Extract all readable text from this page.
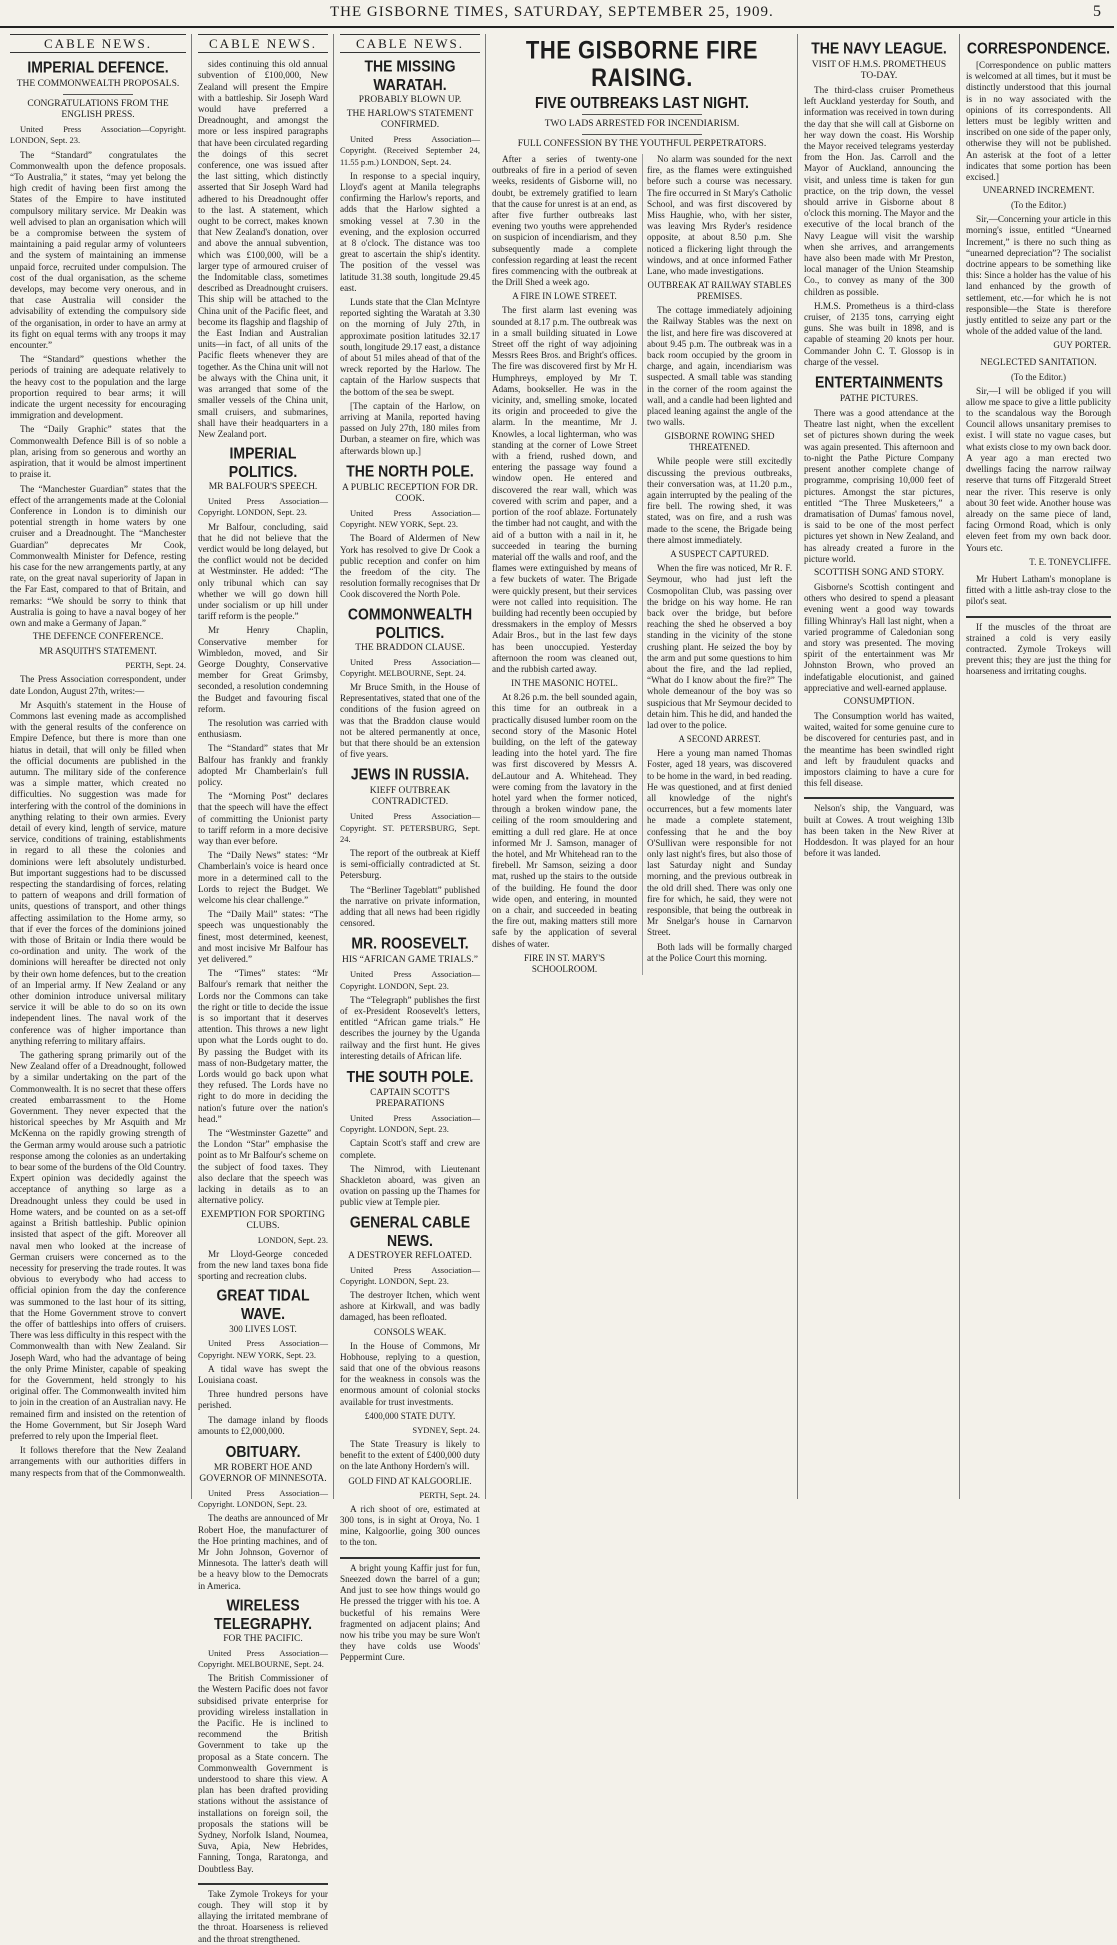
THE GISBORNE TIMES, SATURDAY, SEPTEMBER 25, 1909.	5
CABLE NEWS.
IMPERIAL DEFENCE.
THE COMMONWEALTH PROPOSALS.
CONGRATULATIONS FROM THE ENGLISH PRESS.

United Press Association—Copyright. LONDON, Sept. 23.

The “Standard” congratulates the Commonwealth upon the defence proposals. “To Australia,” it states, “may yet belong the high credit of having been first among the States of the Empire to have instituted compulsory military service. Mr Deakin was well advised to plan an organisation which will be a compromise between the system of maintaining a paid regular army of volunteers and the system of maintaining an immense unpaid force, recruited under compulsion. The cost of the dual organisation, as the scheme develops, may become very onerous, and in that case Australia will consider the advisability of extending the compulsory side of the organisation, in order to have an army at its fight on equal terms with any troops it may encounter.”

The “Standard” questions whether the periods of training are adequate relatively to the heavy cost to the population and the large proportion required to bear arms; it will indicate the urgent necessity for encouraging immigration and development.

The “Daily Graphic” states that the Commonwealth Defence Bill is of so noble a plan, arising from so generous and worthy an aspiration, that it would be almost impertinent to praise it.

The “Manchester Guardian” states that the effect of the arrangements made at the Colonial Conference in London is to diminish our potential strength in home waters by one cruiser and a Dreadnought. The “Manchester Guardian” deprecates Mr Cook, Commonwealth Minister for Defence, resting his case for the new arrangements partly, at any rate, on the great naval superiority of Japan in the Far East, compared to that of Britain, and remarks: “We should be sorry to think that Australia is going to have a naval bogey of her own and make a Germany of Japan.”

THE DEFENCE CONFERENCE.
MR ASQUITH'S STATEMENT.

PERTH, Sept. 24.

The Press Association correspondent, under date London, August 27th, writes:—

Mr Asquith's statement in the House of Commons last evening made as accomplished with the general results of the conference on Empire Defence, but there is more than one hiatus in detail, that will only be filled when the official documents are published in the autumn. The military side of the conference was a simple matter, which created no difficulties. No suggestion was made for interfering with the control of the dominions in anything relating to their own armies. Every detail of every kind, length of service, mature service, conditions of training, establishments in regard to all these the colonies and dominions were left absolutely undisturbed. But important suggestions had to be discussed respecting the standardising of forces, relating to pattern of weapons and drill formation of units, questions of transport, and other things affecting assimilation to the Home army, so that if ever the forces of the dominions joined with those of Britain or India there would be co-ordination and unity. The work of the dominions will hereafter be directed not only by their own home defences, but to the creation of an Imperial army. If New Zealand or any other dominion introduce universal military service it will be able to do so on its own independent lines. The naval work of the conference was of higher importance than anything referring to military affairs.

The gathering sprang primarily out of the New Zealand offer of a Dreadnought, followed by a similar undertaking on the part of the Commonwealth. It is no secret that these offers created embarrassment to the Home Government. They never expected that the historical speeches by Mr Asquith and Mr McKenna on the rapidly growing strength of the German army would arouse such a patriotic response among the colonies as an undertaking to bear some of the burdens of the Old Country. Expert opinion was decidedly against the acceptance of anything so large as a Dreadnought unless they could be used in Home waters, and be counted on as a set-off against a British battleship. Public opinion insisted that aspect of the gift. Moreover all naval men who looked at the increase of German cruisers were concerned as to the necessity for preserving the trade routes. It was obvious to everybody who had access to official opinion from the day the conference was summoned to the last hour of its sitting, that the Home Government strove to convert the offer of battleships into offers of cruisers. There was less difficulty in this respect with the Commonwealth than with New Zealand. Sir Joseph Ward, who had the advantage of being the only Prime Minister, capable of speaking for the Government, held strongly to his original offer. The Commonwealth invited him to join in the creation of an Australian navy. He remained firm and insisted on the retention of the Home Government, but Sir Joseph Ward preferred to rely upon the Imperial fleet.

It follows therefore that the New Zealand arrangements with our authorities differs in many respects from that of the Commonwealth.

CABLE NEWS.

sides continuing this old annual subvention of £100,000, New Zealand will present the Empire with a battleship. Sir Joseph Ward would have preferred a Dreadnought, and amongst the more or less inspired paragraphs that have been circulated regarding the doings of this secret conference, one was issued after the last sitting, which distinctly asserted that Sir Joseph Ward had adhered to his Dreadnought offer to the last. A statement, which ought to be correct, makes known that New Zealand's donation, over and above the annual subvention, which was £100,000, will be a larger type of armoured cruiser of the Indomitable class, sometimes described as Dreadnought cruisers. This ship will be attached to the China unit of the Pacific fleet, and become its flagship and flagship of the East Indian and Australian units—in fact, of all units of the Pacific fleets whenever they are together. As the China unit will not be always with the China unit, it was arranged that some of the smaller vessels of the China unit, small cruisers, and submarines, shall have their headquarters in a New Zealand port.

IMPERIAL POLITICS.
MR BALFOUR'S SPEECH.

United Press Association—Copyright. LONDON, Sept. 23.

Mr Balfour, concluding, said that he did not believe that the verdict would be long delayed, but the conflict would not be decided at Westminster. He added: “The only tribunal which can say whether we will go down hill under socialism or up hill under tariff reform is the people.”

Mr Henry Chaplin, Conservative member for Wimbledon, moved, and Sir George Doughty, Conservative member for Great Grimsby, seconded, a resolution condemning the Budget and favouring fiscal reform.

The resolution was carried with enthusiasm.

The “Standard” states that Mr Balfour has frankly and frankly adopted Mr Chamberlain's full policy.

The “Morning Post” declares that the speech will have the effect of committing the Unionist party to tariff reform in a more decisive way than ever before.

The “Daily News” states: “Mr Chamberlain's voice is heard once more in a determined call to the Lords to reject the Budget. We welcome his clear challenge.”

The “Daily Mail” states: “The speech was unquestionably the finest, most determined, keenest, and most incisive Mr Balfour has yet delivered.”

The “Times” states: “Mr Balfour's remark that neither the Lords nor the Commons can take the right or title to decide the issue is so important that it deserves attention. This throws a new light upon what the Lords ought to do. By passing the Budget with its mass of non-Budgetary matter, the Lords would go back upon what they refused. The Lords have no right to do more in deciding the nation's future over the nation's head.”

The “Westminster Gazette” and the London “Star” emphasise the point as to Mr Balfour's scheme on the subject of food taxes. They also declare that the speech was lacking in details as to an alternative policy.

EXEMPTION FOR SPORTING CLUBS.

LONDON, Sept. 23.

Mr Lloyd-George conceded from the new land taxes bona fide sporting and recreation clubs.

GREAT TIDAL WAVE.
300 LIVES LOST.

United Press Association—Copyright. NEW YORK, Sept. 23.

A tidal wave has swept the Louisiana coast.

Three hundred persons have perished.

The damage inland by floods amounts to £2,000,000.

OBITUARY.
MR ROBERT HOE AND GOVERNOR OF MINNESOTA.

United Press Association—Copyright. LONDON, Sept. 23.

The deaths are announced of Mr Robert Hoe, the manufacturer of the Hoe printing machines, and of Mr John Johnson, Governor of Minnesota. The latter's death will be a heavy blow to the Democrats in America.

WIRELESS TELEGRAPHY.
FOR THE PACIFIC.

United Press Association—Copyright. MELBOURNE, Sept. 24.

The British Commissioner of the Western Pacific does not favor subsidised private enterprise for providing wireless installation in the Pacific. He is inclined to recommend the British Government to take up the proposal as a State concern. The Commonwealth Government is understood to share this view. A plan has been drafted providing stations without the assistance of installations on foreign soil, the proposals the stations will be Sydney, Norfolk Island, Noumea, Suva, Apia, New Hebrides, Fanning, Tonga, Raratonga, and Doubtless Bay.

Take Zymole Trokeys for your cough. They will stop it by allaying the irritated membrane of the throat. Hoarseness is relieved and the throat strengthened.

CABLE NEWS.
THE MISSING WARATAH.
PROBABLY BLOWN UP.
THE HARLOW'S STATEMENT CONFIRMED.

United Press Association—Copyright. (Received September 24, 11.55 p.m.) LONDON, Sept. 24.

In response to a special inquiry, Lloyd's agent at Manila telegraphs confirming the Harlow's reports, and adds that the Harlow sighted a smoking vessel at 7.30 in the evening, and the explosion occurred at 8 o'clock. The distance was too great to ascertain the ship's identity. The position of the vessel was latitude 31.38 south, longitude 29.45 east.

Lunds state that the Clan McIntyre reported sighting the Waratah at 3.30 on the morning of July 27th, in approximate position latitudes 32.17 south, longitude 29.17 east, a distance of about 51 miles ahead of that of the wreck reported by the Harlow. The captain of the Harlow suspects that the bottom of the sea be swept.

[The captain of the Harlow, on arriving at Manila, reported having passed on July 27th, 180 miles from Durban, a steamer on fire, which was afterwards blown up.]

THE NORTH POLE.
A PUBLIC RECEPTION FOR DR. COOK.

United Press Association—Copyright. NEW YORK, Sept. 23.

The Board of Aldermen of New York has resolved to give Dr Cook a public reception and confer on him the freedom of the city. The resolution formally recognises that Dr Cook discovered the North Pole.

COMMONWEALTH POLITICS.
THE BRADDON CLAUSE.

United Press Association—Copyright. MELBOURNE, Sept. 24.

Mr Bruce Smith, in the House of Representatives, stated that one of the conditions of the fusion agreed on was that the Braddon clause would not be altered permanently at once, but that there should be an extension of five years.

JEWS IN RUSSIA.
KIEFF OUTBREAK CONTRADICTED.

United Press Association—Copyright. ST. PETERSBURG, Sept. 24.

The report of the outbreak at Kieff is semi-officially contradicted at St. Petersburg.

The “Berliner Tageblatt” published the narrative on private information, adding that all news had been rigidly censored.

MR. ROOSEVELT.
HIS “AFRICAN GAME TRIALS.”

United Press Association—Copyright. LONDON, Sept. 23.

The “Telegraph” publishes the first of ex-President Roosevelt's letters, entitled “African game trials.” He describes the journey by the Uganda railway and the first hunt. He gives interesting details of African life.

THE SOUTH POLE.
CAPTAIN SCOTT'S PREPARATIONS

United Press Association—Copyright. LONDON, Sept. 23.

Captain Scott's staff and crew are complete.

The Nimrod, with Lieutenant Shackleton aboard, was given an ovation on passing up the Thames for public view at Temple pier.

GENERAL CABLE NEWS.
A DESTROYER REFLOATED.

United Press Association—Copyright. LONDON, Sept. 23.

The destroyer Itchen, which went ashore at Kirkwall, and was badly damaged, has been refloated.

CONSOLS WEAK.

In the House of Commons, Mr Hobhouse, replying to a question, said that one of the obvious reasons for the weakness in consols was the enormous amount of colonial stocks available for trust investments.

£400,000 STATE DUTY.

SYDNEY, Sept. 24.

The State Treasury is likely to benefit to the extent of £400,000 duty on the late Anthony Hordern's will.

GOLD FIND AT KALGOORLIE.

PERTH, Sept. 24.

A rich shoot of ore, estimated at 300 tons, is in sight at Oroya, No. 1 mine, Kalgoorlie, going 300 ounces to the ton.

A bright young Kaffir just for fun, Sneezed down the barrel of a gun; And just to see how things would go He pressed the trigger with his toe. A bucketful of his remains Were fragmented on adjacent plains; And now his tribe you may be sure Won't they have colds use Woods' Peppermint Cure.

THE GISBORNE FIRE RAISING.
FIVE OUTBREAKS LAST NIGHT.
TWO LADS ARRESTED FOR INCENDIARISM.
FULL CONFESSION BY THE YOUTHFUL PERPETRATORS.

After a series of twenty-one outbreaks of fire in a period of seven weeks, residents of Gisborne will, no doubt, be extremely gratified to learn that the cause for unrest is at an end, as after five further outbreaks last evening two youths were apprehended on suspicion of incendiarism, and they subsequently made a complete confession regarding at least the recent fires commencing with the outbreak at the Drill Shed a week ago.

A FIRE IN LOWE STREET.

The first alarm last evening was sounded at 8.17 p.m. The outbreak was in a small building situated in Lowe Street off the right of way adjoining Messrs Rees Bros. and Bright's offices. The fire was discovered first by Mr H. Humphreys, employed by Mr T. Adams, bookseller. He was in the vicinity, and, smelling smoke, located its origin and proceeded to give the alarm. In the meantime, Mr J. Knowles, a local lighterman, who was standing at the corner of Lowe Street with a friend, rushed down, and entering the passage way found a window open. He entered and discovered the rear wall, which was covered with scrim and paper, and a portion of the roof ablaze. Fortunately the timber had not caught, and with the aid of a button with a nail in it, he succeeded in tearing the burning material off the walls and roof, and the flames were extinguished by means of a few buckets of water. The Brigade were quickly present, but their services were not called into requisition. The building had recently been occupied by dressmakers in the employ of Messrs Adair Bros., but in the last few days has been unoccupied. Yesterday afternoon the room was cleaned out, and the rubbish carted away.

IN THE MASONIC HOTEL.

At 8.26 p.m. the bell sounded again, this time for an outbreak in a practically disused lumber room on the second story of the Masonic Hotel building, on the left of the gateway leading into the hotel yard. The fire was first discovered by Messrs A. deLautour and A. Whitehead. They were coming from the lavatory in the hotel yard when the former noticed, through a broken window pane, the ceiling of the room smouldering and emitting a dull red glare. He at once informed Mr J. Samson, manager of the hotel, and Mr Whitehead ran to the firebell. Mr Samson, seizing a door mat, rushed up the stairs to the outside of the building. He found the door wide open, and entering, in mounted on a chair, and succeeded in beating the fire out, making matters still more safe by the application of several dishes of water.

FIRE IN ST. MARY'S SCHOOLROOM.

No alarm was sounded for the next fire, as the flames were extinguished before such a course was necessary. The fire occurred in St Mary's Catholic School, and was first discovered by Miss Haughie, who, with her sister, was leaving Mrs Ryder's residence opposite, at about 8.50 p.m. She noticed a flickering light through the windows, and at once informed Father Lane, who made investigations.

OUTBREAK AT RAILWAY STABLES PREMISES.

The cottage immediately adjoining the Railway Stables was the next on the list, and here fire was discovered at about 9.45 p.m. The outbreak was in a back room occupied by the groom in charge, and again, incendiarism was suspected. A small table was standing in the corner of the room against the wall, and a candle had been lighted and placed leaning against the angle of the two walls.

GISBORNE ROWING SHED THREATENED.

While people were still excitedly discussing the previous outbreaks, their conversation was, at 11.20 p.m., again interrupted by the pealing of the fire bell. The rowing shed, it was stated, was on fire, and a rush was made to the scene, the Brigade being there almost immediately.

A SUSPECT CAPTURED.

When the fire was noticed, Mr R. F. Seymour, who had just left the Cosmopolitan Club, was passing over the bridge on his way home. He ran back over the bridge, but before reaching the shed he observed a boy standing in the vicinity of the stone crushing plant. He seized the boy by the arm and put some questions to him about the fire, and the lad replied, “What do I know about the fire?” The whole demeanour of the boy was so suspicious that Mr Seymour decided to detain him. This he did, and handed the lad over to the police.

A SECOND ARREST.

Here a young man named Thomas Foster, aged 18 years, was discovered to be home in the ward, in bed reading. He was questioned, and at first denied all knowledge of the night's occurrences, but a few moments later he made a complete statement, confessing that he and the boy O'Sullivan were responsible for not only last night's fires, but also those of last Saturday night and Sunday morning, and the previous outbreak in the old drill shed. There was only one fire for which, he said, they were not responsible, that being the outbreak in Mr Snelgar's house in Carnarvon Street.

Both lads will be formally charged at the Police Court this morning.

THE NAVY LEAGUE.
VISIT OF H.M.S. PROMETHEUS TO-DAY.

The third-class cruiser Prometheus left Auckland yesterday for South, and information was received in town during the day that she will call at Gisborne on her way down the coast. His Worship the Mayor received telegrams yesterday from the Hon. Jas. Carroll and the Mayor of Auckland, announcing the visit, and unless time is taken for gun practice, on the trip down, the vessel should arrive in Gisborne about 8 o'clock this morning. The Mayor and the executive of the local branch of the Navy League will visit the warship when she arrives, and arrangements have also been made with Mr Preston, local manager of the Union Steamship Co., to convey as many of the 300 children as possible.

H.M.S. Prometheus is a third-class cruiser, of 2135 tons, carrying eight guns. She was built in 1898, and is capable of steaming 20 knots per hour. Commander John C. T. Glossop is in charge of the vessel.

ENTERTAINMENTS
PATHE PICTURES.

There was a good attendance at the Theatre last night, when the excellent set of pictures shown during the week was again presented. This afternoon and to-night the Pathe Picture Company present another complete change of programme, comprising 10,000 feet of pictures. Amongst the star pictures, entitled “The Three Musketeers,” a dramatisation of Dumas' famous novel, is said to be one of the most perfect pictures yet shown in New Zealand, and has already created a furore in the picture world.

SCOTTISH SONG AND STORY.

Gisborne's Scottish contingent and others who desired to spend a pleasant evening went a good way towards filling Whinray's Hall last night, when a varied programme of Caledonian song and story was presented. The moving spirit of the entertainment was Mr Johnston Brown, who proved an indefatigable elocutionist, and gained appreciative and well-earned applause.

CONSUMPTION.

The Consumption world has waited, waited, waited for some genuine cure to be discovered for centuries past, and in the meantime has been swindled right and left by fraudulent quacks and impostors claiming to have a cure for this fell disease.

Nelson's ship, the Vanguard, was built at Cowes. A trout weighing 13lb has been taken in the New River at Hoddesdon. It was played for an hour before it was landed.

CORRESPONDENCE.

[Correspondence on public matters is welcomed at all times, but it must be distinctly understood that this journal is in no way associated with the opinions of its correspondents. All letters must be legibly written and inscribed on one side of the paper only, otherwise they will not be published. An asterisk at the foot of a letter indicates that some portion has been excised.]

UNEARNED INCREMENT.
(To the Editor.)

Sir,—Concerning your article in this morning's issue, entitled “Unearned Increment,” is there no such thing as “unearned depreciation”? The socialist doctrine appears to be something like this: Since a holder has the value of his land enhanced by the growth of settlement, etc.—for which he is not responsible—the State is therefore justly entitled to seize any part or the whole of the added value of the land.

GUY PORTER.
NEGLECTED SANITATION.
(To the Editor.)

Sir,—I will be obliged if you will allow me space to give a little publicity to the scandalous way the Borough Council allows unsanitary premises to exist. I will state no vague cases, but what exists close to my own back door. A year ago a man erected two dwellings facing the narrow railway reserve that turns off Fitzgerald Street near the river. This reserve is only about 30 feet wide. Another house was already on the same piece of land, facing Ormond Road, which is only eleven feet from my own back door. Yours etc.

T. E. TONEYCLIFFE.

Mr Hubert Latham's monoplane is fitted with a little ash-tray close to the pilot's seat.

If the muscles of the throat are strained a cold is very easily contracted. Zymole Trokeys will prevent this; they are just the thing for hoarseness and irritating coughs.
